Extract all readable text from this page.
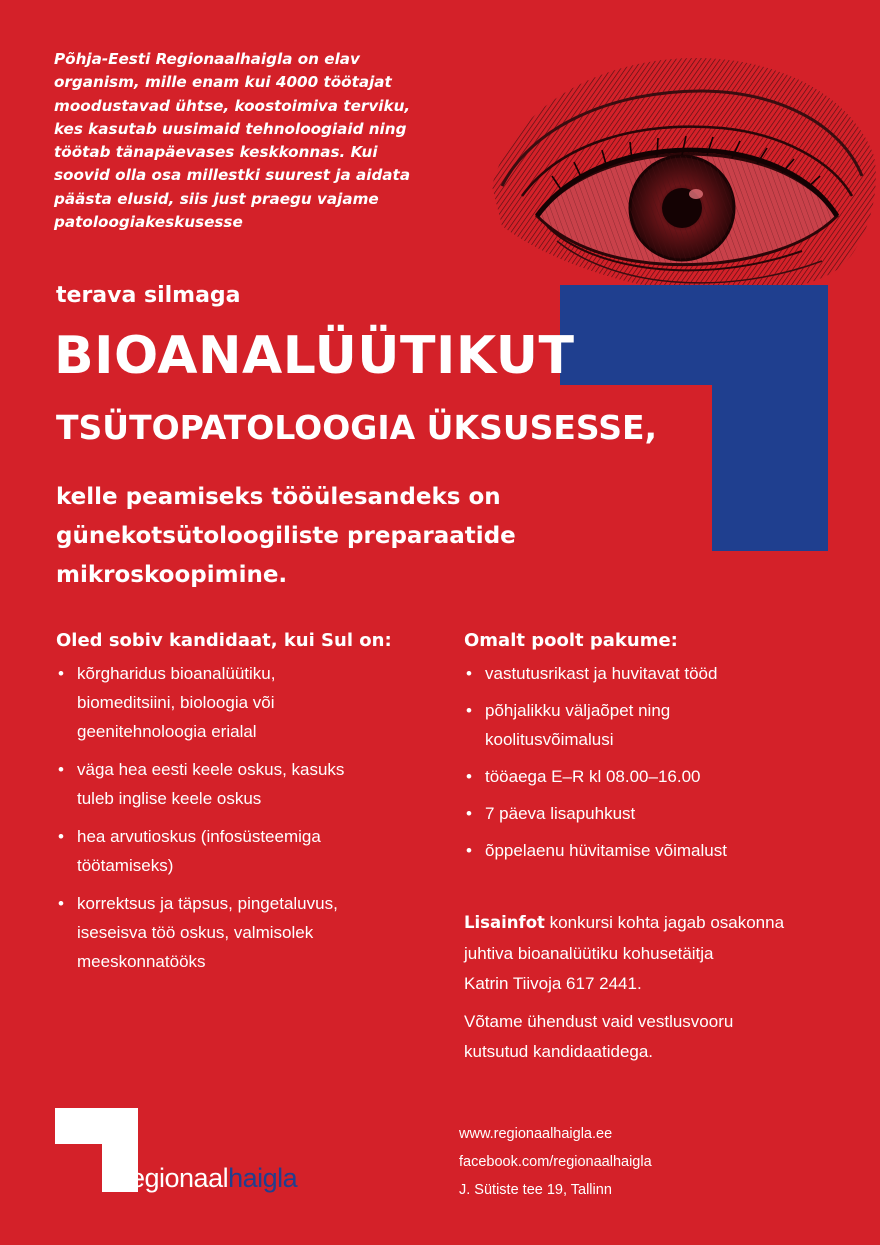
Põhja-Eesti Regionaalhaigla on elav
organism, mille enam kui 4000 töötajat
moodustavad ühtse, koostoimiva terviku,
kes kasutab uusimaid tehnoloogiaid ning
töötab tänapäevases keskkonnas. Kui
soovid olla osa millestki suurest ja aidata
päästa elusid, siis just praegu vajame
patoloogiakeskusesse

terava silmaga

BIOANALÜÜTIKUT
TSÜTOPATOLOOGIA ÜKSUSESSE,

kelle peamiseks tööülesandeks on
günekotsütoloogiliste preparaatide
mikroskoopimine.

Oled sobiv kandidaat, kui Sul on:
• kõrgharidus bioanalüütiku,
biomeditsiini, bioloogia või
geenitehnoloogia erialal
• väga hea eesti keele oskus, kasuks
tuleb inglise keele oskus
• hea arvutioskus (infosüsteemiga
töötamiseks)
• korrektsus ja täpsus, pingetaluvus,
iseseisva töö oskus, valmisolek
meeskonnatööks
Omalt poolt pakume:
• vastutusrikast ja huvitavat tööd
• põhjalikku väljaõpet ning
koolitusvõimalusi
• tööaega E–R kl 08.00–16.00
• 7 päeva lisapuhkust
• õppelaenu hüvitamise võimalust

Lisainfot konkursi kohta jagab osakonna
juhtiva bioanalüütiku kohusetäitja
Katrin Tiivoja 617 2441.

Võtame ühendust vaid vestlusvooru
kutsutud kandidaatidega.

Regionaalhaigla
www.regionaalhaigla.ee
facebook.com/regionaalhaigla
J. Sütiste tee 19, Tallinn
